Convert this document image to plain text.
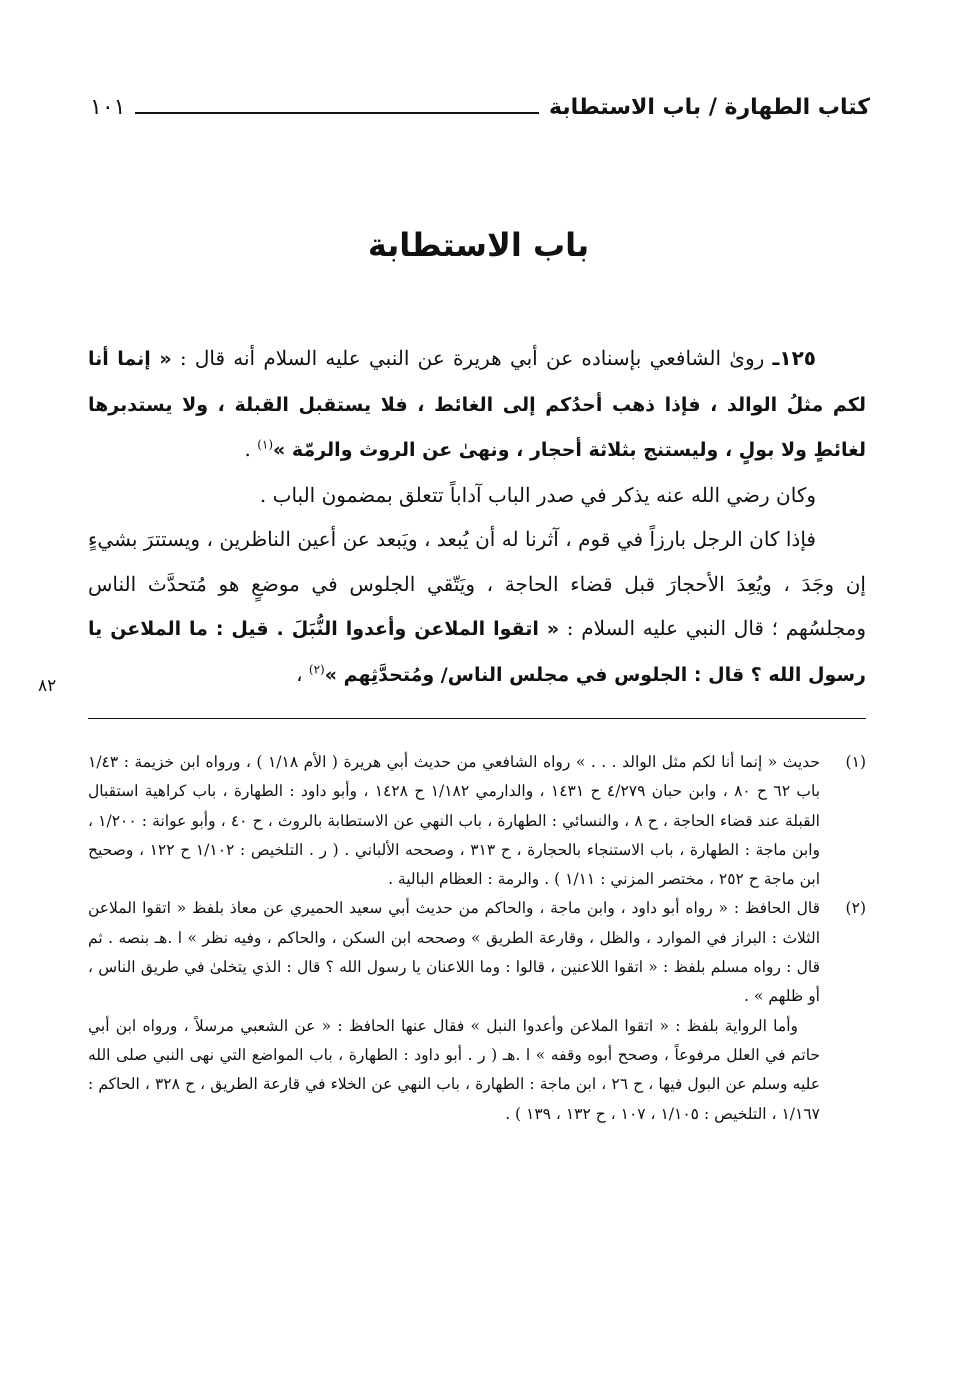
كتاب الطهارة / باب الاستطابة
١٠١
باب الاستطابة

١٢٥ـ روىٰ الشافعي بإسناده عن أبي هريرة عن النبي عليه السلام أنه قال : « إنما أنا لكم مثلُ الوالد ، فإذا ذهب أحدُكم إلى الغائط ، فلا يستقبل القبلة ، ولا يستدبرها لغائطٍ ولا بولٍ ، وليستنج بثلاثة أحجار ، ونهىٰ عن الروث والرمّة »$^{(١)}$ .

وكان رضي الله عنه يذكر في صدر الباب آداباً تتعلق بمضمون الباب .

فإذا كان الرجل بارزاً في قوم ، آثرنا له أن يُبعد ، ويَبعد عن أعين الناظرين ، ويستترَ بشيءٍ إن وجَدَ ، ويُعِدَ الأحجارَ قبل قضاء الحاجة ، ويَتّقي الجلوس في موضعٍ هو مُتحدَّث الناس ومجلسُهم ؛ قال النبي عليه السلام : « اتقوا الملاعن وأعدوا النُّبَلَ . قيل : ما الملاعن يا رسول الله ؟ قال : الجلوس في مجلس الناس/ ومُتحدَّثِهم »$^{(٢)}$ ،

٨٢
(١)

حديث « إنما أنا لكم مثل الوالد . . . » رواه الشافعي من حديث أبي هريرة ( الأم ١/١٨ ) ، ورواه ابن خزيمة : ١/٤٣ باب ٦٢ ح ٨٠ ، وابن حبان ٤/٢٧٩ ح ١٤٣١ ، والدارمي ١/١٨٢ ح ١٤٢٨ ، وأبو داود : الطهارة ، باب كراهية استقبال القبلة عند قضاء الحاجة ، ح ٨ ، والنسائي : الطهارة ، باب النهي عن الاستطابة بالروث ، ح ٤٠ ، وأبو عوانة : ١/٢٠٠ ، وابن ماجة : الطهارة ، باب الاستنجاء بالحجارة ، ح ٣١٣ ، وصححه الألباني . ( ر . التلخيص : ١/١٠٢ ح ١٢٢ ، وصحيح ابن ماجة ح ٢٥٢ ، مختصر المزني : ١/١١ ) . والرمة : العظام البالية .

(٢)

قال الحافظ : « رواه أبو داود ، وابن ماجة ، والحاكم من حديث أبي سعيد الحميري عن معاذ بلفظ « اتقوا الملاعن الثلاث : البراز في الموارد ، والظل ، وقارعة الطريق » وصححه ابن السكن ، والحاكم ، وفيه نظر » ا .هـ بنصه . ثم قال : رواه مسلم بلفظ : « اتقوا اللاعنين ، قالوا : وما اللاعنان يا رسول الله ؟ قال : الذي يتخلىٰ في طريق الناس ، أو ظلهم » .

وأما الرواية بلفظ : « اتقوا الملاعن وأعدوا النبل » فقال عنها الحافظ : « عن الشعبي مرسلاً ، ورواه ابن أبي حاتم في العلل مرفوعاً ، وصحح أبوه وقفه » ا .هـ ( ر . أبو داود : الطهارة ، باب المواضع التي نهى النبي صلى الله عليه وسلم عن البول فيها ، ح ٢٦ ، ابن ماجة : الطهارة ، باب النهي عن الخلاء في قارعة الطريق ، ح ٣٢٨ ، الحاكم : ١/١٦٧ ، التلخيص : ١/١٠٥ ، ١٠٧ ، ح ١٣٢ ، ١٣٩ ) .
